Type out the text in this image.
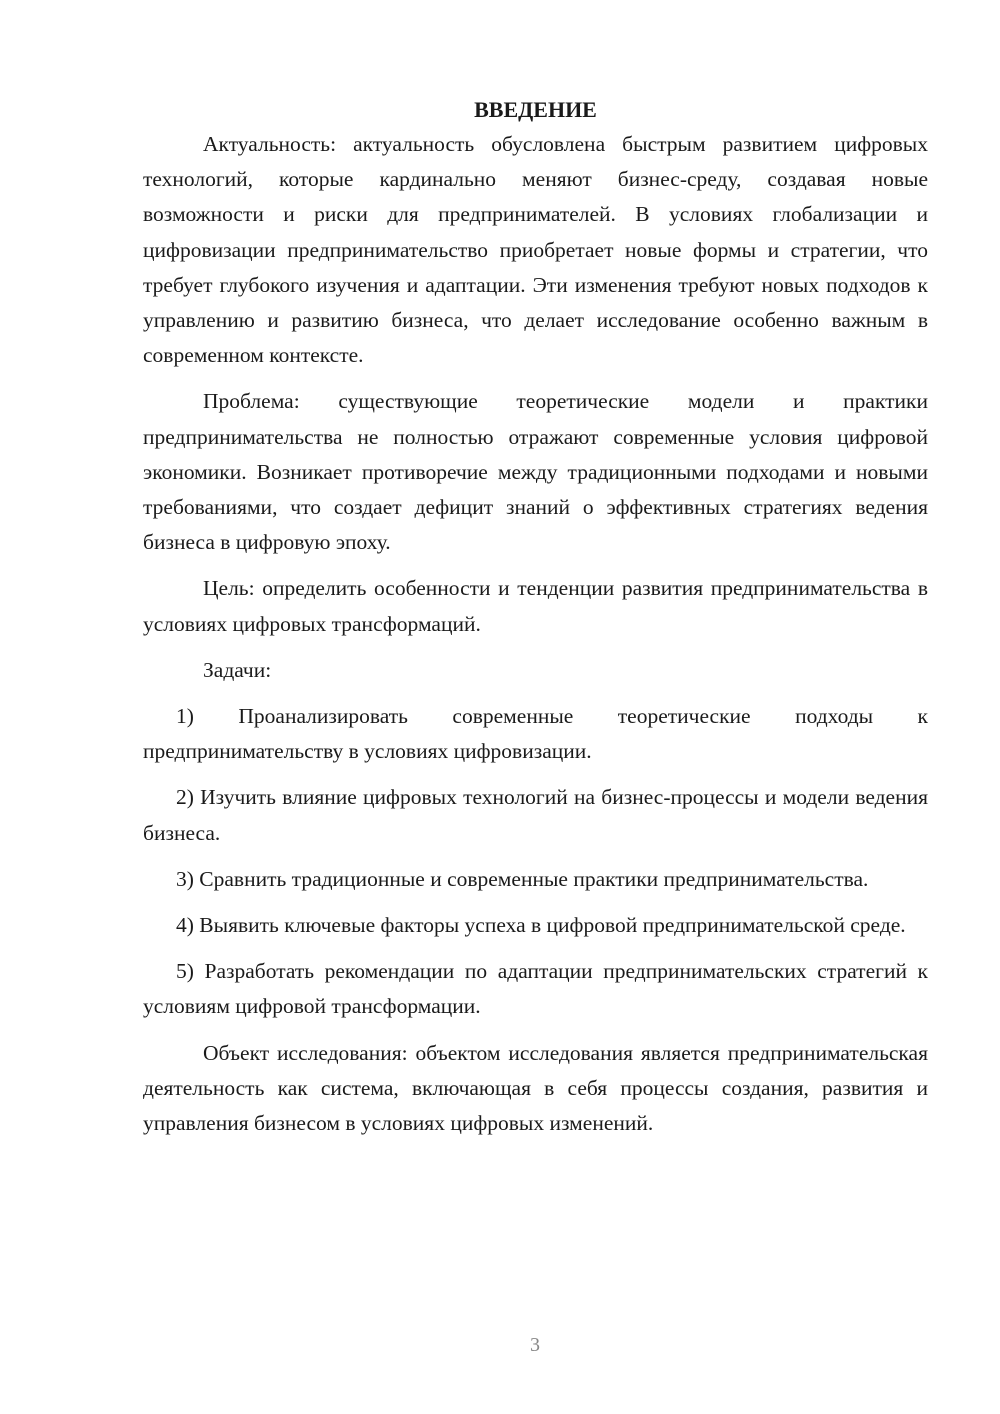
ВВЕДЕНИЕ

Актуальность: актуальность обусловлена быстрым развитием цифровых технологий, которые кардинально меняют бизнес-среду, создавая новые возможности и риски для предпринимателей. В условиях глобализации и цифровизации предпринимательство приобретает новые формы и стратегии, что требует глубокого изучения и адаптации. Эти изменения требуют новых подходов к управлению и развитию бизнеса, что делает исследование особенно важным в современном контексте.

Проблема: существующие теоретические модели и практики предпринимательства не полностью отражают современные условия цифровой экономики. Возникает противоречие между традиционными подходами и новыми требованиями, что создает дефицит знаний о эффективных стратегиях ведения бизнеса в цифровую эпоху.

Цель: определить особенности и тенденции развития предпринимательства в условиях цифровых трансформаций.

Задачи:

1) Проанализировать современные теоретические подходы к предпринимательству в условиях цифровизации.

2) Изучить влияние цифровых технологий на бизнес-процессы и модели ведения бизнеса.

3) Сравнить традиционные и современные практики предпринимательства.

4) Выявить ключевые факторы успеха в цифровой предпринимательской среде.

5) Разработать рекомендации по адаптации предпринимательских стратегий к условиям цифровой трансформации.

Объект исследования: объектом исследования является предпринимательская деятельность как система, включающая в себя процессы создания, развития и управления бизнесом в условиях цифровых изменений.

3
